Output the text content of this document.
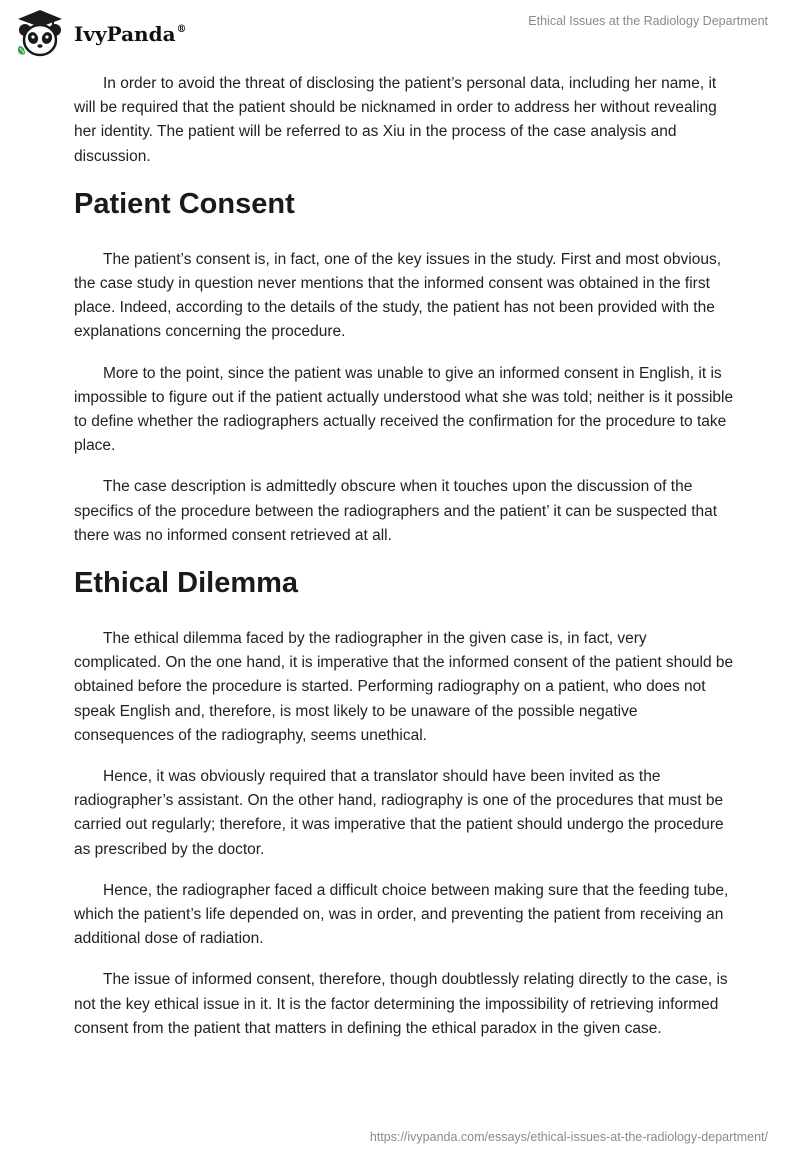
IvyPanda®
Ethical Issues at the Radiology Department

In order to avoid the threat of disclosing the patient’s personal data, including her name, it will be required that the patient should be nicknamed in order to address her without revealing her identity. The patient will be referred to as Xiu in the process of the case analysis and discussion.

Patient Consent

The patient’s consent is, in fact, one of the key issues in the study. First and most obvious, the case study in question never mentions that the informed consent was obtained in the first place. Indeed, according to the details of the study, the patient has not been provided with the explanations concerning the procedure.

More to the point, since the patient was unable to give an informed consent in English, it is impossible to figure out if the patient actually understood what she was told; neither is it possible to define whether the radiographers actually received the confirmation for the procedure to take place.

The case description is admittedly obscure when it touches upon the discussion of the specifics of the procedure between the radiographers and the patient’ it can be suspected that there was no informed consent retrieved at all.

Ethical Dilemma

The ethical dilemma faced by the radiographer in the given case is, in fact, very complicated. On the one hand, it is imperative that the informed consent of the patient should be obtained before the procedure is started. Performing radiography on a patient, who does not speak English and, therefore, is most likely to be unaware of the possible negative consequences of the radiography, seems unethical.

Hence, it was obviously required that a translator should have been invited as the radiographer’s assistant. On the other hand, radiography is one of the procedures that must be carried out regularly; therefore, it was imperative that the patient should undergo the procedure as prescribed by the doctor.

Hence, the radiographer faced a difficult choice between making sure that the feeding tube, which the patient’s life depended on, was in order, and preventing the patient from receiving an additional dose of radiation.

The issue of informed consent, therefore, though doubtlessly relating directly to the case, is not the key ethical issue in it. It is the factor determining the impossibility of retrieving informed consent from the patient that matters in defining the ethical paradox in the given case.

https://ivypanda.com/essays/ethical-issues-at-the-radiology-department/
